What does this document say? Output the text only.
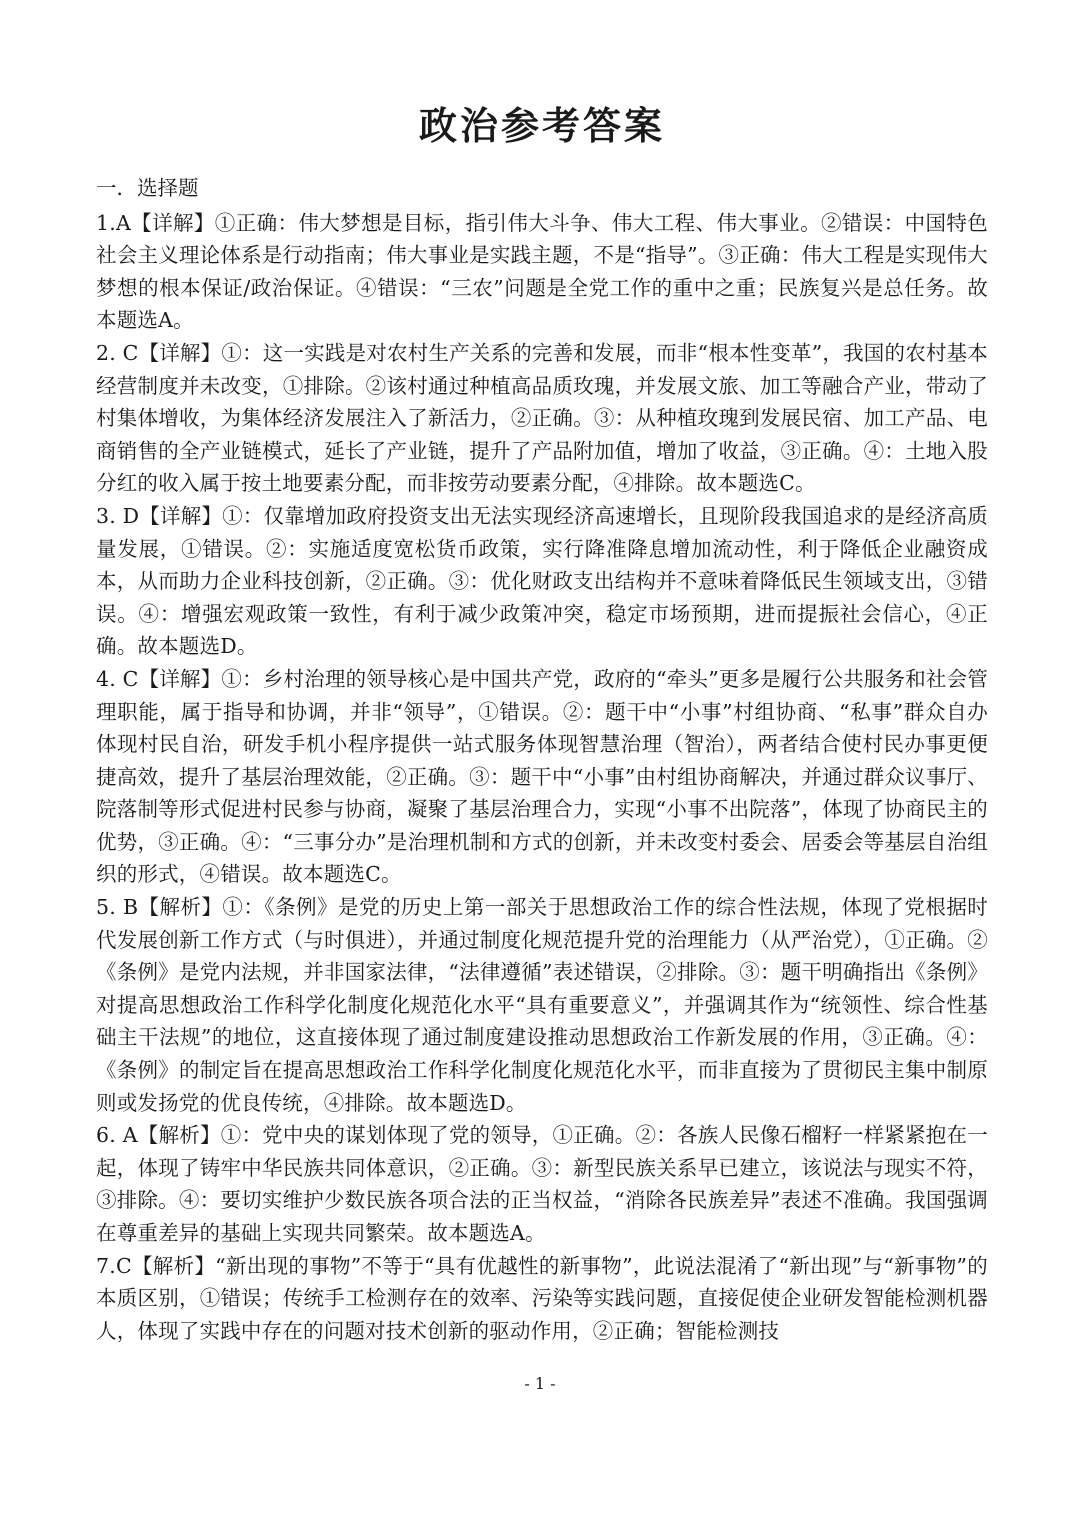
政治参考答案
一．选择题

1.A【详解】①正确：伟大梦想是目标，指引伟大斗争、伟大工程、伟大事业。②错误：中国特色社会主义理论体系是行动指南；伟大事业是实践主题，不是“指导”。③正确：伟大工程是实现伟大梦想的根本保证/政治保证。④错误：“三农”问题是全党工作的重中之重；民族复兴是总任务。故本题选A。

2. C【详解】①：这一实践是对农村生产关系的完善和发展，而非“根本性变革”，我国的农村基本经营制度并未改变，①排除。②该村通过种植高品质玫瑰，并发展文旅、加工等融合产业，带动了村集体增收，为集体经济发展注入了新活力，②正确。③：从种植玫瑰到发展民宿、加工产品、电商销售的全产业链模式，延长了产业链，提升了产品附加值，增加了收益，③正确。④：土地入股分红的收入属于按土地要素分配，而非按劳动要素分配，④排除。故本题选C。

3. D【详解】①：仅靠增加政府投资支出无法实现经济高速增长，且现阶段我国追求的是经济高质量发展，①错误。②：实施适度宽松货币政策，实行降准降息增加流动性，利于降低企业融资成本，从而助力企业科技创新，②正确。③：优化财政支出结构并不意味着降低民生领域支出，③错误。④：增强宏观政策一致性，有利于减少政策冲突，稳定市场预期，进而提振社会信心，④正确。故本题选D。

4. C【详解】①：乡村治理的领导核心是中国共产党，政府的“牵头”更多是履行公共服务和社会管理职能，属于指导和协调，并非“领导”，①错误。②：题干中“小事”村组协商、“私事”群众自办体现村民自治，研发手机小程序提供一站式服务体现智慧治理（智治），两者结合使村民办事更便捷高效，提升了基层治理效能，②正确。③：题干中“小事”由村组协商解决，并通过群众议事厅、院落制等形式促进村民参与协商，凝聚了基层治理合力，实现“小事不出院落”，体现了协商民主的优势，③正确。④：“三事分办”是治理机制和方式的创新，并未改变村委会、居委会等基层自治组织的形式，④错误。故本题选C。

5. B【解析】①：《条例》是党的历史上第一部关于思想政治工作的综合性法规，体现了党根据时代发展创新工作方式（与时俱进），并通过制度化规范提升党的治理能力（从严治党），①正确。②《条例》是党内法规，并非国家法律，“法律遵循”表述错误，②排除。③：题干明确指出《条例》对提高思想政治工作科学化制度化规范化水平“具有重要意义”，并强调其作为“统领性、综合性基础主干法规”的地位，这直接体现了通过制度建设推动思想政治工作新发展的作用，③正确。④：《条例》的制定旨在提高思想政治工作科学化制度化规范化水平，而非直接为了贯彻民主集中制原则或发扬党的优良传统，④排除。故本题选D。

6. A【解析】①：党中央的谋划体现了党的领导，①正确。②：各族人民像石榴籽一样紧紧抱在一起，体现了铸牢中华民族共同体意识，②正确。③：新型民族关系早已建立，该说法与现实不符，③排除。④：要切实维护少数民族各项合法的正当权益，“消除各民族差异”表述不准确。我国强调在尊重差异的基础上实现共同繁荣。故本题选A。

7.C【解析】“新出现的事物”不等于“具有优越性的新事物”，此说法混淆了“新出现”与“新事物”的本质区别，①错误；传统手工检测存在的效率、污染等实践问题，直接促使企业研发智能检测机器人，体现了实践中存在的问题对技术创新的驱动作用，②正确；智能检测技

- 1 -
